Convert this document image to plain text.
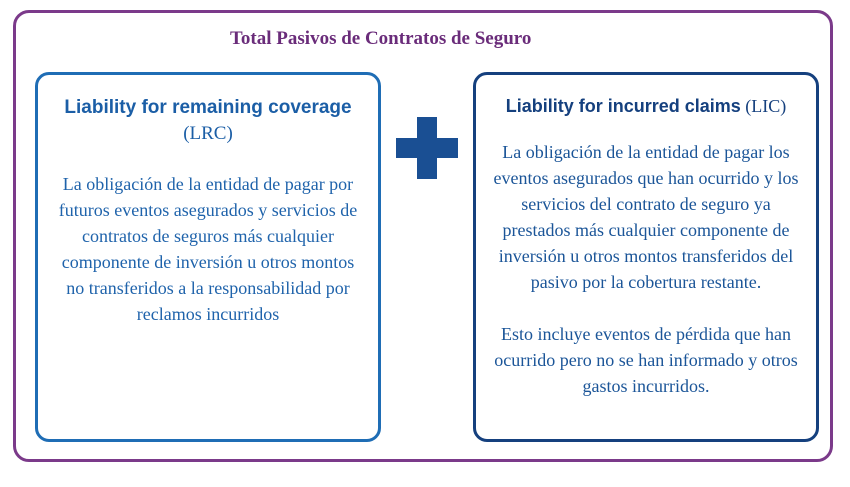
Total Pasivos de Contratos de Seguro
Liability for remaining coverage (LRC)
La obligación de la entidad de pagar por futuros eventos asegurados y servicios de contratos de seguros más cualquier componente de inversión u otros montos no transferidos a la responsabilidad por reclamos incurridos
Liability for incurred claims (LIC)
La obligación de la entidad de pagar los eventos asegurados que han ocurrido y los servicios del contrato de seguro ya prestados más cualquier componente de inversión u otros montos transferidos del pasivo por la cobertura restante.
Esto incluye eventos de pérdida que han ocurrido pero no se han informado y otros gastos incurridos.
